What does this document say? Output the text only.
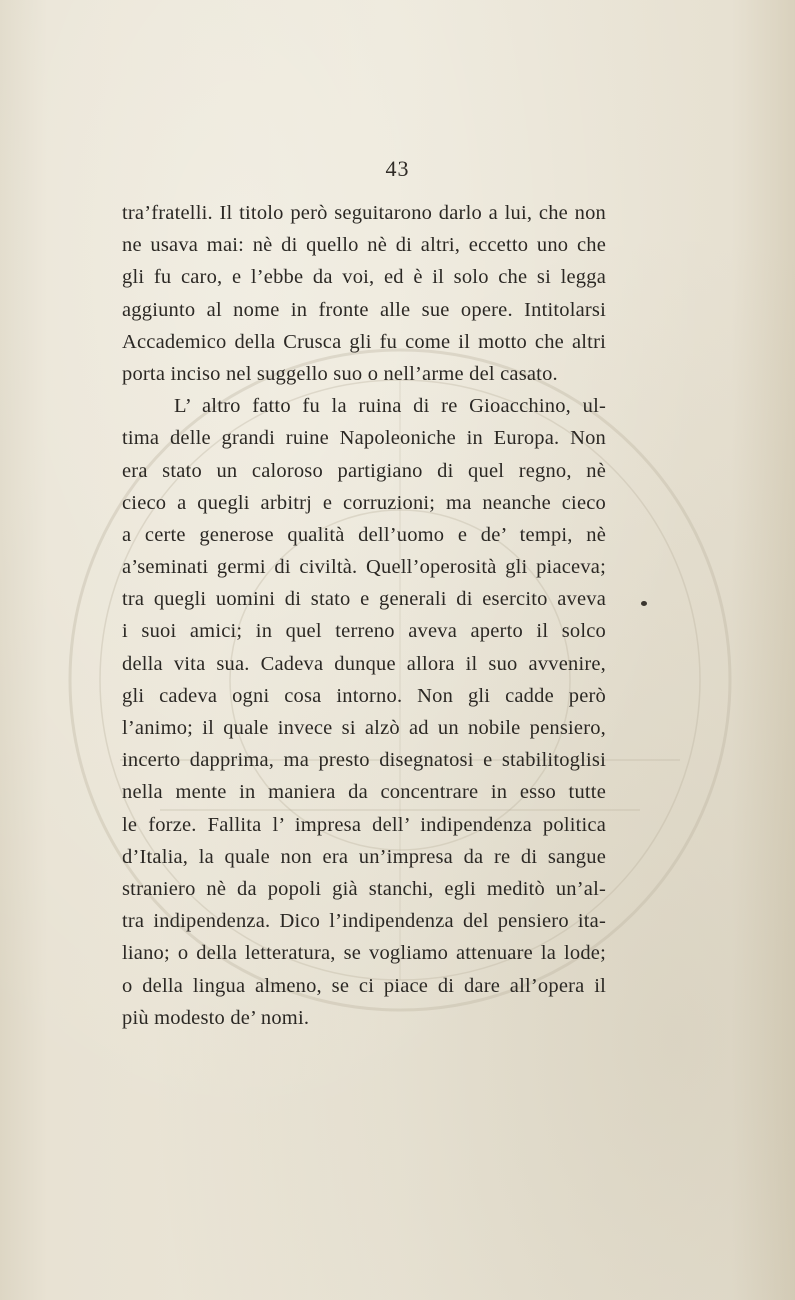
43
tra’fratelli. Il titolo però seguitarono darlo a lui, che non
ne usava mai: nè di quello nè di altri, eccetto uno che
gli fu caro, e l’ebbe da voi, ed è il solo che si legga
aggiunto al nome in fronte alle sue opere. Intitolarsi
Accademico della Crusca gli fu come il motto che altri
porta inciso nel suggello suo o nell’arme del casato.
L’ altro fatto fu la ruina di re Gioacchino, ul-
tima delle grandi ruine Napoleoniche in Europa. Non
era stato un caloroso partigiano di quel regno, nè
cieco a quegli arbitrj e corruzioni; ma neanche cieco
a certe generose qualità dell’uomo e de’ tempi, nè
a’seminati germi di civiltà. Quell’operosità gli piaceva;
tra quegli uomini di stato e generali di esercito aveva
i suoi amici; in quel terreno aveva aperto il solco
della vita sua. Cadeva dunque allora il suo avvenire,
gli cadeva ogni cosa intorno. Non gli cadde però
l’animo; il quale invece si alzò ad un nobile pensiero,
incerto dapprima, ma presto disegnatosi e stabilitoglisi
nella mente in maniera da concentrare in esso tutte
le forze. Fallita l’ impresa dell’ indipendenza politica
d’Italia, la quale non era un’impresa da re di sangue
straniero nè da popoli già stanchi, egli meditò un’al-
tra indipendenza. Dico l’indipendenza del pensiero ita-
liano; o della letteratura, se vogliamo attenuare la lode;
o della lingua almeno, se ci piace di dare all’opera il
più modesto de’ nomi.
